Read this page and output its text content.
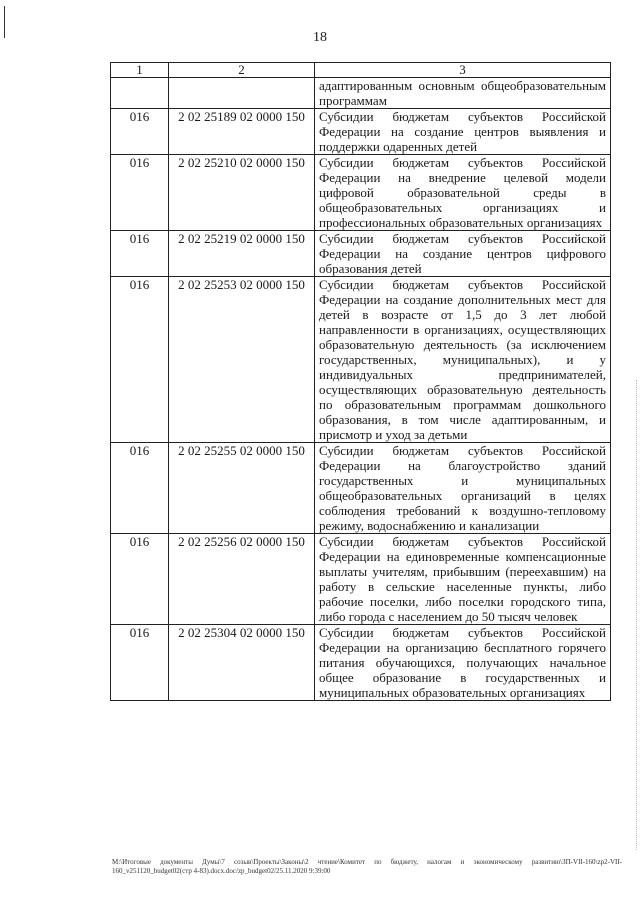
18
1	2	3
		адаптированным основным общеобразовательным программам
016	2 02 25189 02 0000 150	Субсидии бюджетам субъектов Российской Федерации на создание центров выявления и поддержки одаренных детей
016	2 02 25210 02 0000 150	Субсидии бюджетам субъектов Российской Федерации на внедрение целевой модели цифровой образовательной среды в общеобразовательных организациях и профессиональных образовательных организациях
016	2 02 25219 02 0000 150	Субсидии бюджетам субъектов Российской Федерации на создание центров цифрового образования детей
016	2 02 25253 02 0000 150	Субсидии бюджетам субъектов Российской Федерации на создание дополнительных мест для детей в возрасте от 1,5 до 3 лет любой направленности в организациях, осуществляющих образовательную деятельность (за исключением государственных, муниципальных), и у индивидуальных предпринимателей, осуществляющих образовательную деятельность по образовательным программам дошкольного образования, в том числе адаптированным, и присмотр и уход за детьми
016	2 02 25255 02 0000 150	Субсидии бюджетам субъектов Российской Федерации на благоустройство зданий государственных и муниципальных общеобразовательных организаций в целях соблюдения требований к воздушно-тепловому режиму, водоснабжению и канализации
016	2 02 25256 02 0000 150	Субсидии бюджетам субъектов Российской Федерации на единовременные компенсационные выплаты учителям, прибывшим (переехавшим) на работу в сельские населенные пункты, либо рабочие поселки, либо поселки городского типа, либо города с населением до 50 тысяч человек
016	2 02 25304 02 0000 150	Субсидии бюджетам субъектов Российской Федерации на организацию бесплатного горячего питания обучающихся, получающих начальное общее образование в государственных и муниципальных образовательных организациях
M:\Итоговые документы Думы\7 созыв\Проекты\Законы\2 чтение\Комитет по бюджету, налогам и экономическому развитию\ЗП-VII-160\zp2-VII-160_v251120_budget02(стр 4-83).docx.doc/zp_budget02/25.11.2020 9:39:00
